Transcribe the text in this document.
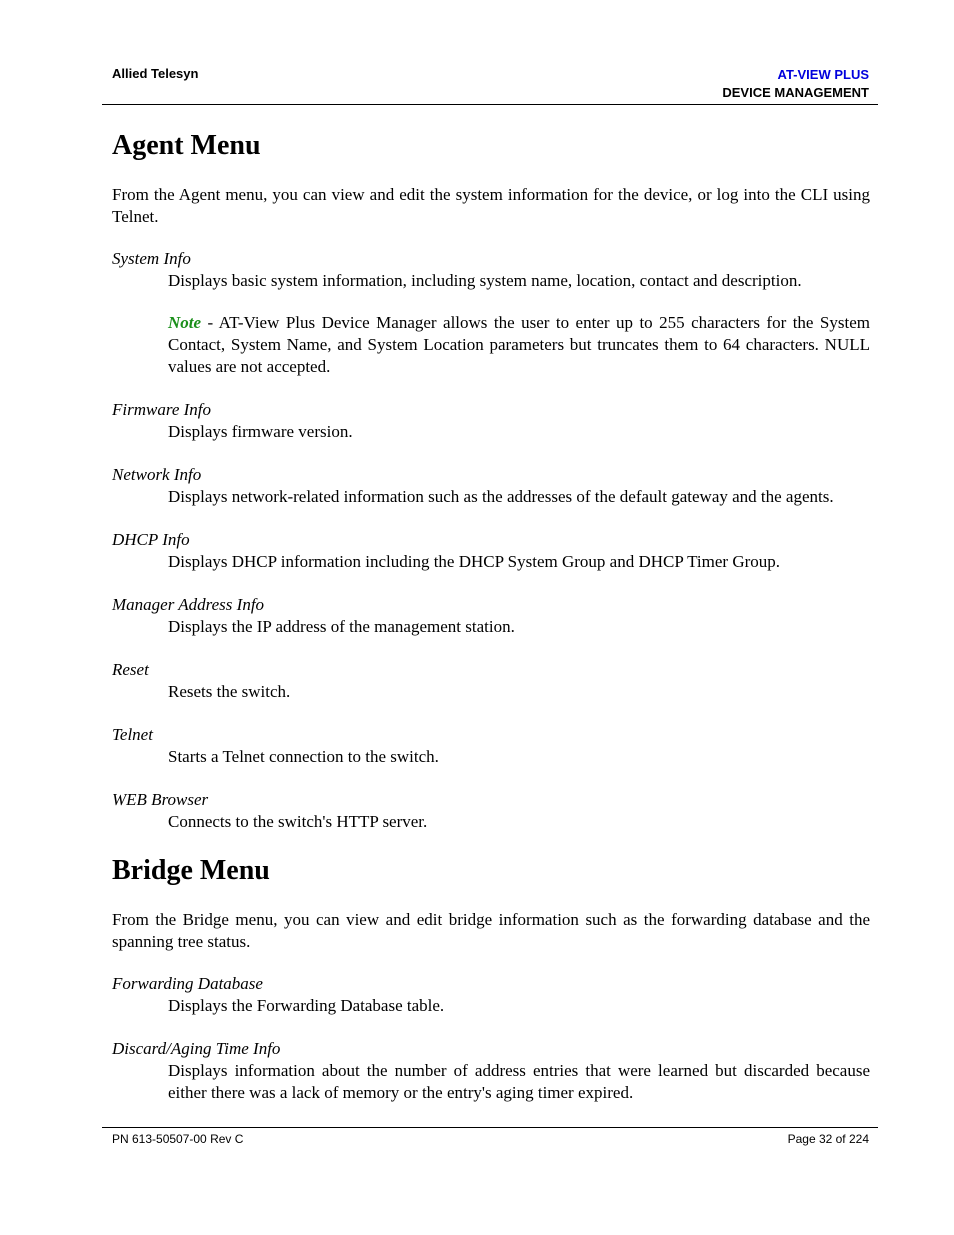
Allied Telesyn	AT-VIEW PLUS
DEVICE MANAGEMENT
Agent Menu

From the Agent menu, you can view and edit the system information for the device, or log into the CLI using Telnet.

System Info

Displays basic system information, including system name, location, contact and description.

Note - AT-View Plus Device Manager allows the user to enter up to 255 characters for the System Contact, System Name, and System Location parameters but truncates them to 64 characters. NULL values are not accepted.

Firmware Info

Displays firmware version.

Network Info

Displays network-related information such as the addresses of the default gateway and the agents.

DHCP Info

Displays DHCP information including the DHCP System Group and DHCP Timer Group.

Manager Address Info

Displays the IP address of the management station.

Reset

Resets the switch.

Telnet

Starts a Telnet connection to the switch.

WEB Browser

Connects to the switch's HTTP server.

Bridge Menu

From the Bridge menu, you can view and edit bridge information such as the forwarding database and the spanning tree status.

Forwarding Database

Displays the Forwarding Database table.

Discard/Aging Time Info

Displays information about the number of address entries that were learned but discarded because either there was a lack of memory or the entry's aging timer expired.

PN 613-50507-00 Rev C	Page 32 of 224
